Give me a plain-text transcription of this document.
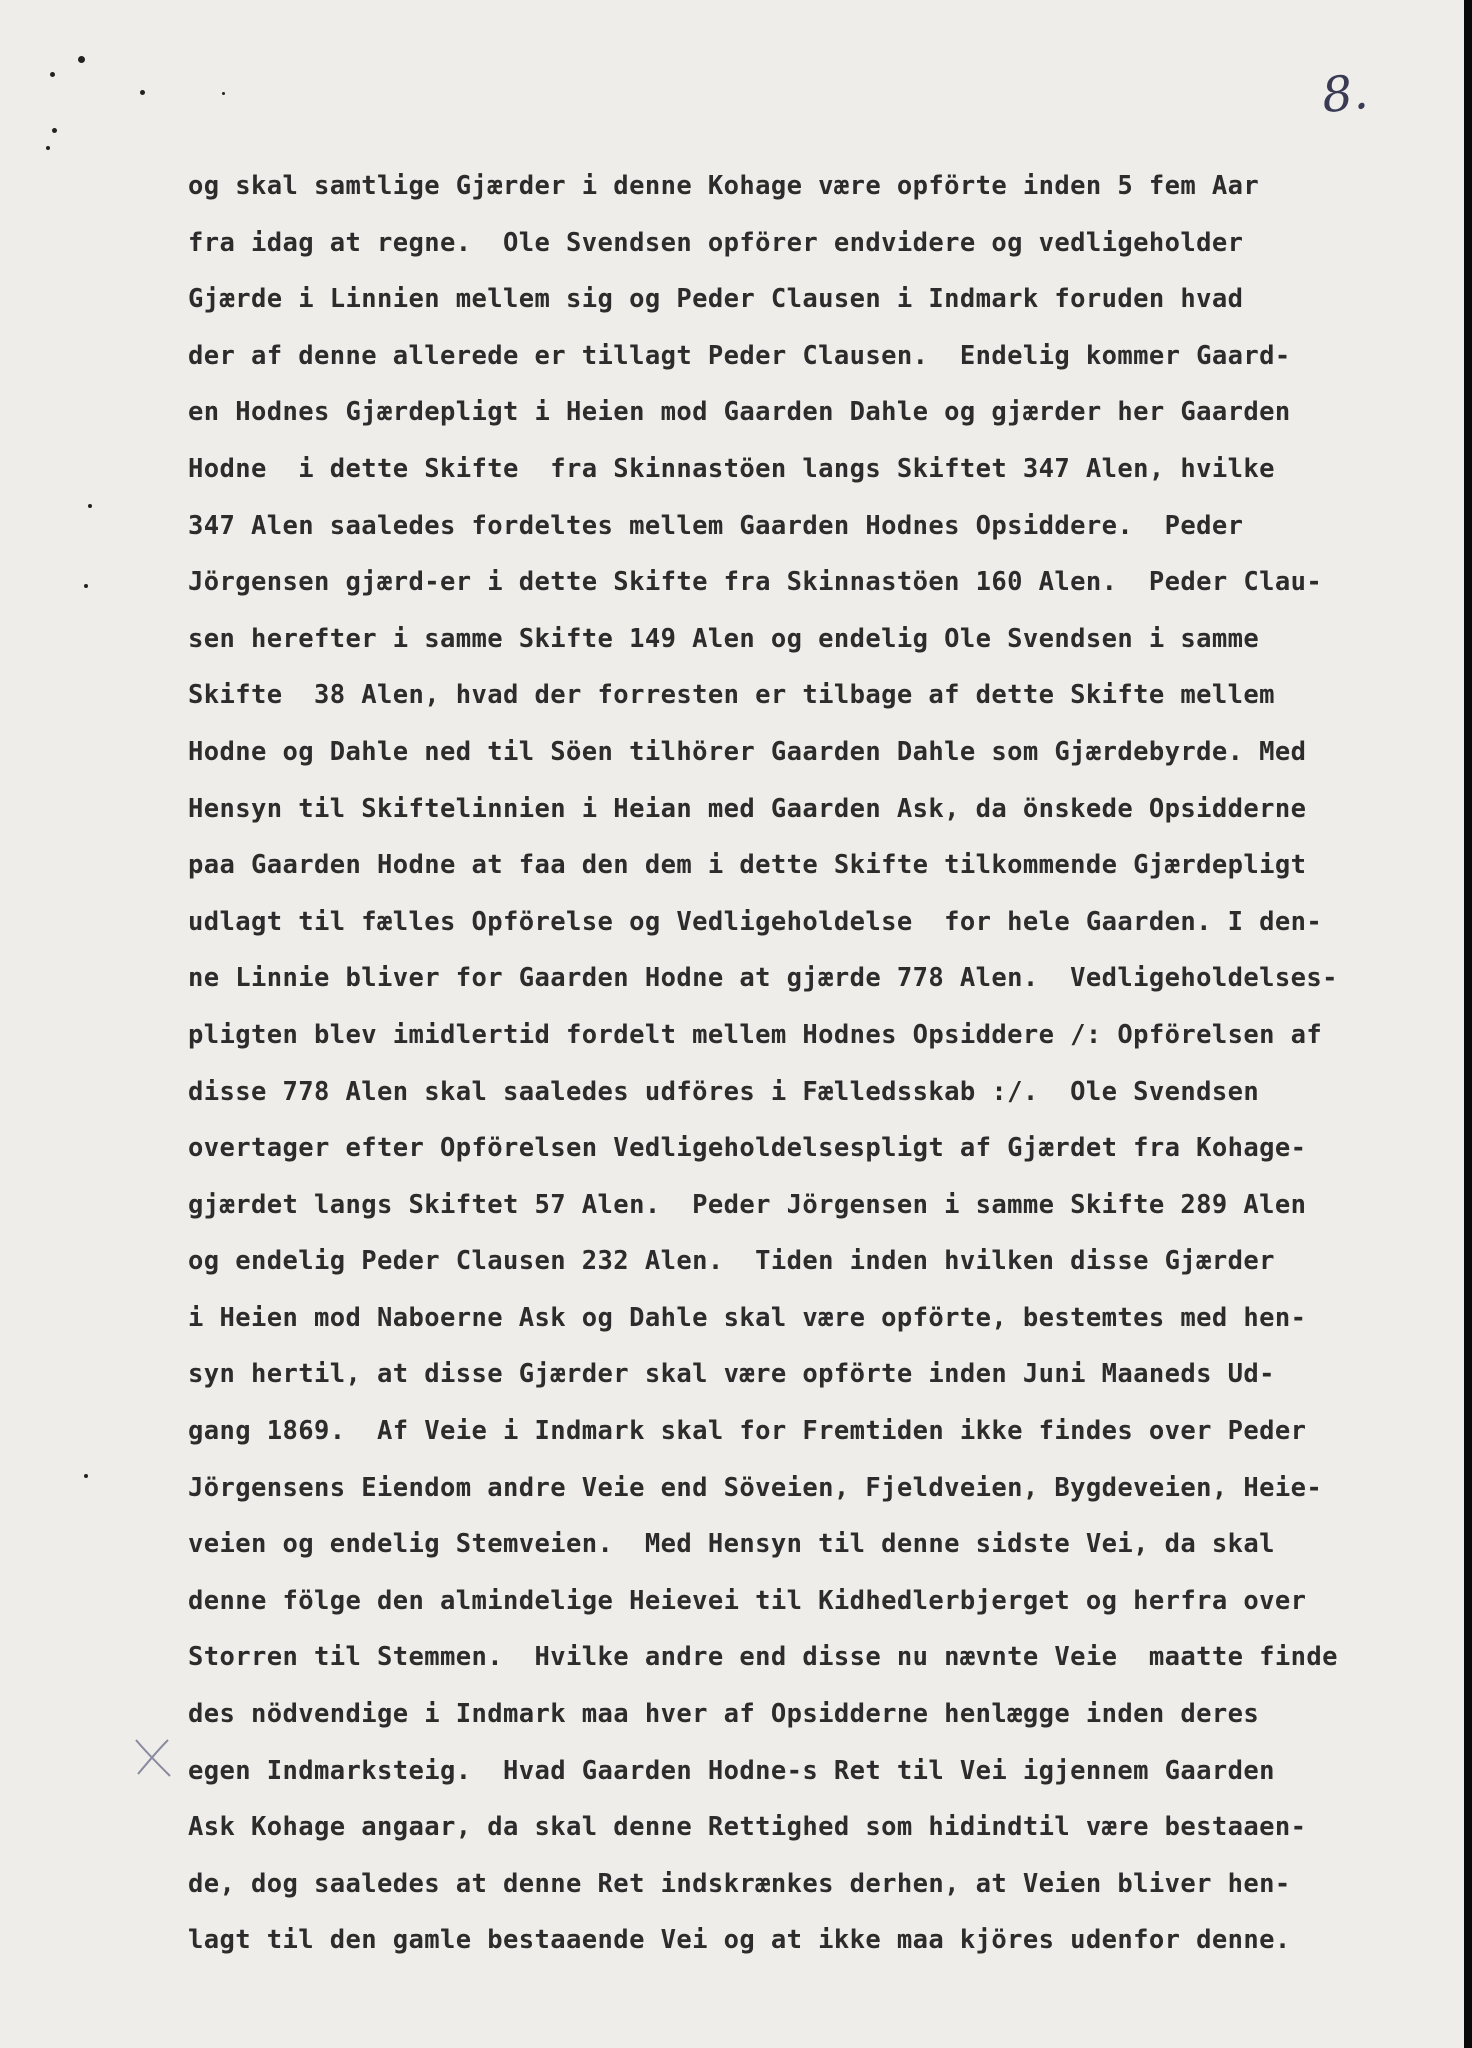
8.
og skal samtlige Gjærder i denne Kohage være opförte inden 5 fem Aar
fra idag at regne.  Ole Svendsen opförer endvidere og vedligeholder
Gjærde i Linnien mellem sig og Peder Clausen i Indmark foruden hvad
der af denne allerede er tillagt Peder Clausen.  Endelig kommer Gaard-
en Hodnes Gjærdepligt i Heien mod Gaarden Dahle og gjærder her Gaarden
Hodne  i dette Skifte  fra Skinnastöen langs Skiftet 347 Alen, hvilke
347 Alen saaledes fordeltes mellem Gaarden Hodnes Opsiddere.  Peder
Jörgensen gjærd-er i dette Skifte fra Skinnastöen 160 Alen.  Peder Clau-
sen herefter i samme Skifte 149 Alen og endelig Ole Svendsen i samme
Skifte  38 Alen, hvad der forresten er tilbage af dette Skifte mellem
Hodne og Dahle ned til Söen tilhörer Gaarden Dahle som Gjærdebyrde. Med
Hensyn til Skiftelinnien i Heian med Gaarden Ask, da önskede Opsidderne
paa Gaarden Hodne at faa den dem i dette Skifte tilkommende Gjærdepligt
udlagt til fælles Opförelse og Vedligeholdelse  for hele Gaarden. I den-
ne Linnie bliver for Gaarden Hodne at gjærde 778 Alen.  Vedligeholdelses-
pligten blev imidlertid fordelt mellem Hodnes Opsiddere /: Opförelsen af
disse 778 Alen skal saaledes udföres i Fælledsskab :/.  Ole Svendsen
overtager efter Opförelsen Vedligeholdelsespligt af Gjærdet fra Kohage-
gjærdet langs Skiftet 57 Alen.  Peder Jörgensen i samme Skifte 289 Alen
og endelig Peder Clausen 232 Alen.  Tiden inden hvilken disse Gjærder
i Heien mod Naboerne Ask og Dahle skal være opförte, bestemtes med hen-
syn hertil, at disse Gjærder skal være opförte inden Juni Maaneds Ud-
gang 1869.  Af Veie i Indmark skal for Fremtiden ikke findes over Peder
Jörgensens Eiendom andre Veie end Söveien, Fjeldveien, Bygdeveien, Heie-
veien og endelig Stemveien.  Med Hensyn til denne sidste Vei, da skal
denne fölge den almindelige Heievei til Kidhedlerbjerget og herfra over
Storren til Stemmen.  Hvilke andre end disse nu nævnte Veie  maatte finde
des nödvendige i Indmark maa hver af Opsidderne henlægge inden deres
egen Indmarksteig.  Hvad Gaarden Hodne-s Ret til Vei igjennem Gaarden
Ask Kohage angaar, da skal denne Rettighed som hidindtil være bestaaen-
de, dog saaledes at denne Ret indskrænkes derhen, at Veien bliver hen-
lagt til den gamle bestaaende Vei og at ikke maa kjöres udenfor denne.
